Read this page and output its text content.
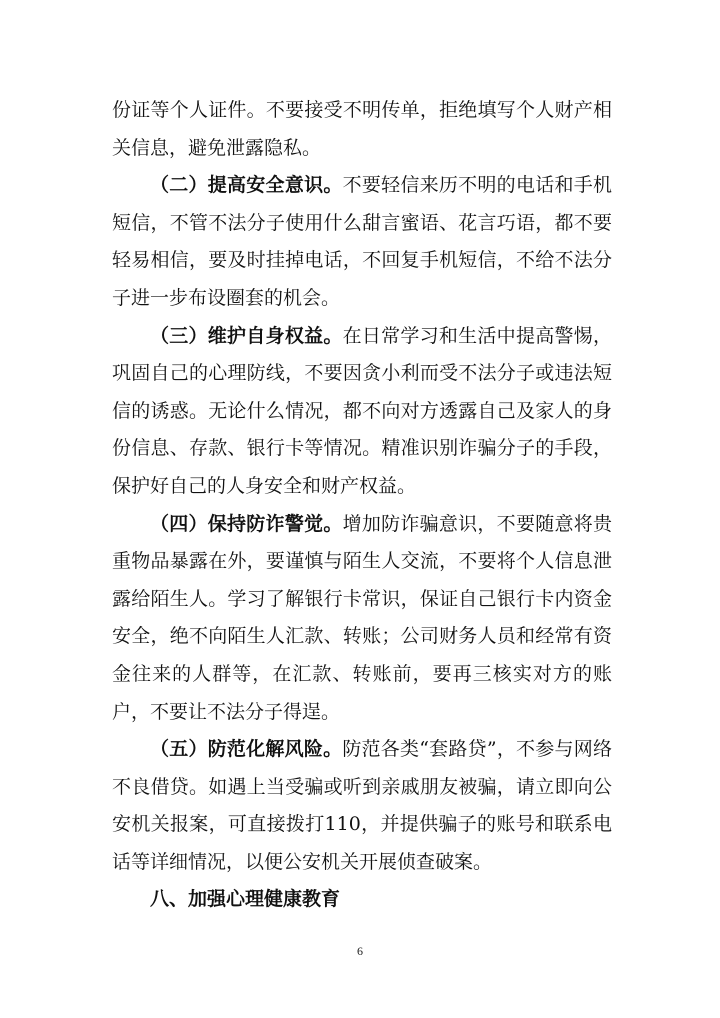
份证等个人证件。不要接受不明传单，拒绝填写个人财产相关信息，避免泄露隐私。

（二）提高安全意识。不要轻信来历不明的电话和手机短信，不管不法分子使用什么甜言蜜语、花言巧语，都不要轻易相信，要及时挂掉电话，不回复手机短信，不给不法分子进一步布设圈套的机会。

（三）维护自身权益。在日常学习和生活中提高警惕，巩固自己的心理防线，不要因贪小利而受不法分子或违法短信的诱惑。无论什么情况，都不向对方透露自己及家人的身份信息、存款、银行卡等情况。精准识别诈骗分子的手段，保护好自己的人身安全和财产权益。

（四）保持防诈警觉。增加防诈骗意识，不要随意将贵重物品暴露在外，要谨慎与陌生人交流，不要将个人信息泄露给陌生人。学习了解银行卡常识，保证自己银行卡内资金安全，绝不向陌生人汇款、转账；公司财务人员和经常有资金往来的人群等，在汇款、转账前，要再三核实对方的账户，不要让不法分子得逞。

（五）防范化解风险。防范各类“套路贷”，不参与网络不良借贷。如遇上当受骗或听到亲戚朋友被骗，请立即向公安机关报案，可直接拨打110，并提供骗子的账号和联系电话等详细情况，以便公安机关开展侦查破案。

八、加强心理健康教育
6
